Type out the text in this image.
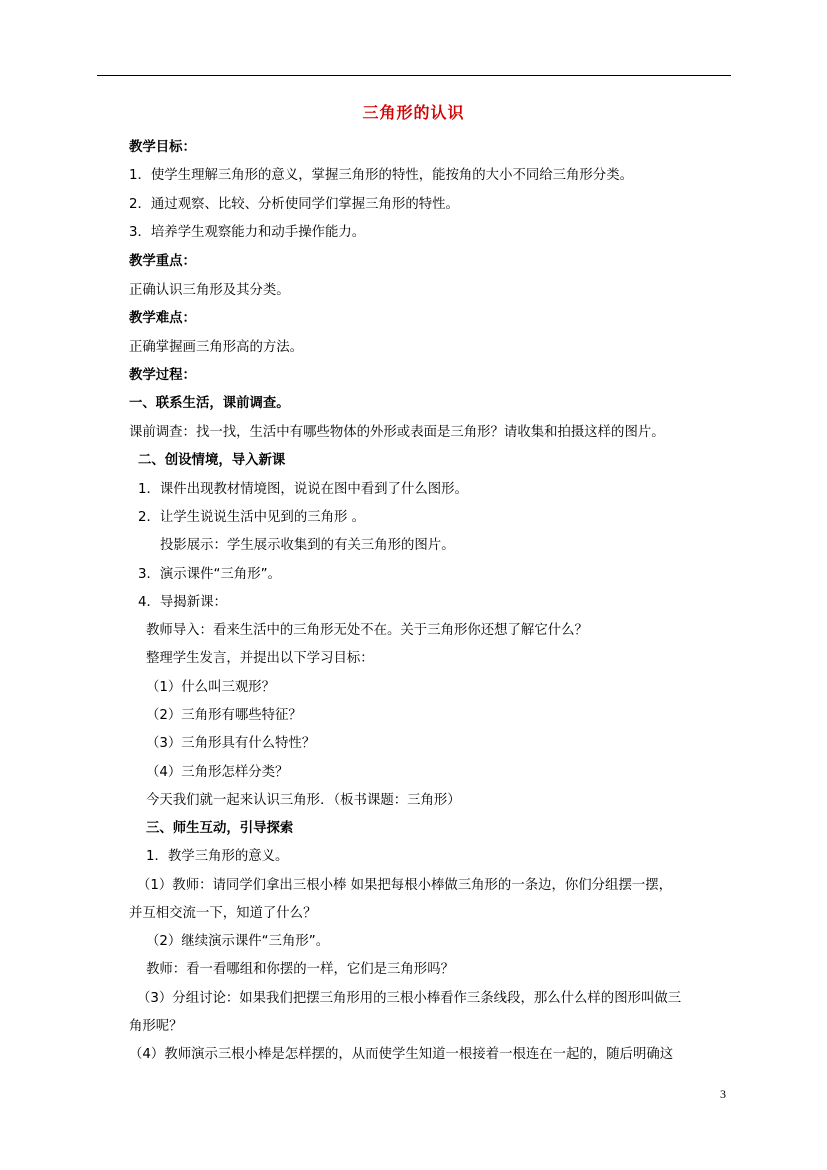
三角形的认识
教学目标：
1．使学生理解三角形的意义，掌握三角形的特性，能按角的大小不同给三角形分类。
2．通过观察、比较、分析使同学们掌握三角形的特性。
3．培养学生观察能力和动手操作能力。
教学重点：
正确认识三角形及其分类。
教学难点：
正确掌握画三角形高的方法。
教学过程：
一、联系生活，课前调查。
课前调查：找一找，生活中有哪些物体的外形或表面是三角形？请收集和拍摄这样的图片。
二、创设情境，导入新课
1．课件出现教材情境图，说说在图中看到了什么图形。
2．让学生说说生活中见到的三角形 。
投影展示：学生展示收集到的有关三角形的图片。
3．演示课件“三角形”。
4．导揭新课：
教师导入：看来生活中的三角形无处不在。关于三角形你还想了解它什么？
整理学生发言，并提出以下学习目标：
（1）什么叫三观形？
（2）三角形有哪些特征？
（3）三角形具有什么特性？
（4）三角形怎样分类？
今天我们就一起来认识三角形．（板书课题：三角形）
三、师生互动，引导探索
1．教学三角形的意义。
（1）教师：请同学们拿出三根小棒 如果把每根小棒做三角形的一条边，你们分组摆一摆，
并互相交流一下，知道了什么？
（2）继续演示课件“三角形”。
教师：看一看哪组和你摆的一样，它们是三角形吗？
（3）分组讨论：如果我们把摆三角形用的三根小棒看作三条线段，那么什么样的图形叫做三
角形呢？
（4）教师演示三根小棒是怎样摆的，从而使学生知道一根接着一根连在一起的，随后明确这
3
